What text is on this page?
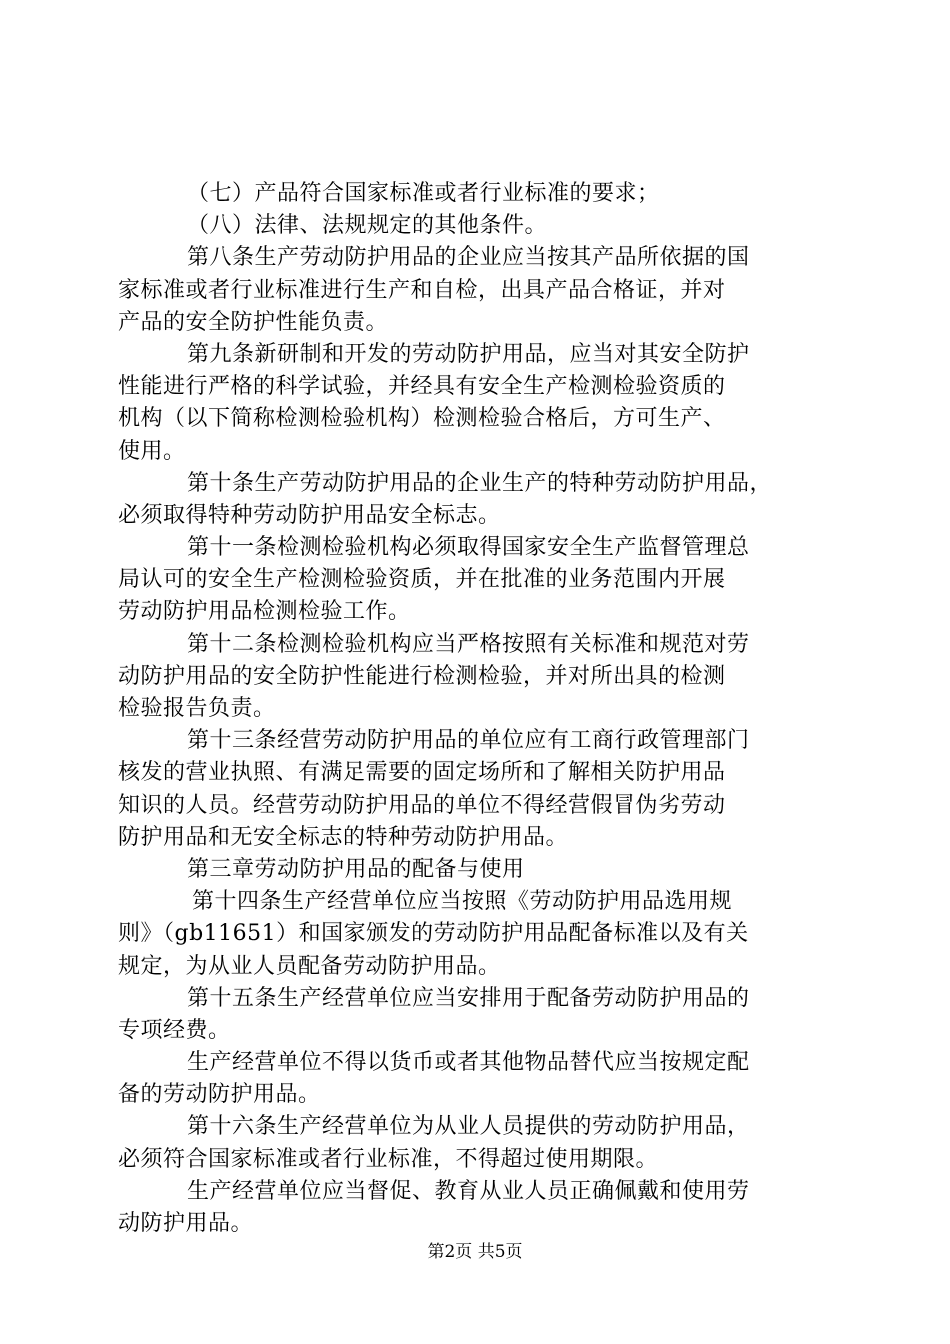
（七）产品符合国家标准或者行业标准的要求；
（八）法律、法规规定的其他条件。
第八条生产劳动防护用品的企业应当按其产品所依据的国
家标准或者行业标准进行生产和自检，出具产品合格证，并对
产品的安全防护性能负责。
第九条新研制和开发的劳动防护用品，应当对其安全防护
性能进行严格的科学试验，并经具有安全生产检测检验资质的
机构（以下简称检测检验机构）检测检验合格后，方可生产、
使用。
第十条生产劳动防护用品的企业生产的特种劳动防护用品，
必须取得特种劳动防护用品安全标志。
第十一条检测检验机构必须取得国家安全生产监督管理总
局认可的安全生产检测检验资质，并在批准的业务范围内开展
劳动防护用品检测检验工作。
第十二条检测检验机构应当严格按照有关标准和规范对劳
动防护用品的安全防护性能进行检测检验，并对所出具的检测
检验报告负责。
第十三条经营劳动防护用品的单位应有工商行政管理部门
核发的营业执照、有满足需要的固定场所和了解相关防护用品
知识的人员。经营劳动防护用品的单位不得经营假冒伪劣劳动
防护用品和无安全标志的特种劳动防护用品。
第三章劳动防护用品的配备与使用
第十四条生产经营单位应当按照《劳动防护用品选用规
则》（gb11651）和国家颁发的劳动防护用品配备标准以及有关
规定，为从业人员配备劳动防护用品。
第十五条生产经营单位应当安排用于配备劳动防护用品的
专项经费。
生产经营单位不得以货币或者其他物品替代应当按规定配
备的劳动防护用品。
第十六条生产经营单位为从业人员提供的劳动防护用品，
必须符合国家标准或者行业标准，不得超过使用期限。
生产经营单位应当督促、教育从业人员正确佩戴和使用劳
动防护用品。
第2页 共5页
